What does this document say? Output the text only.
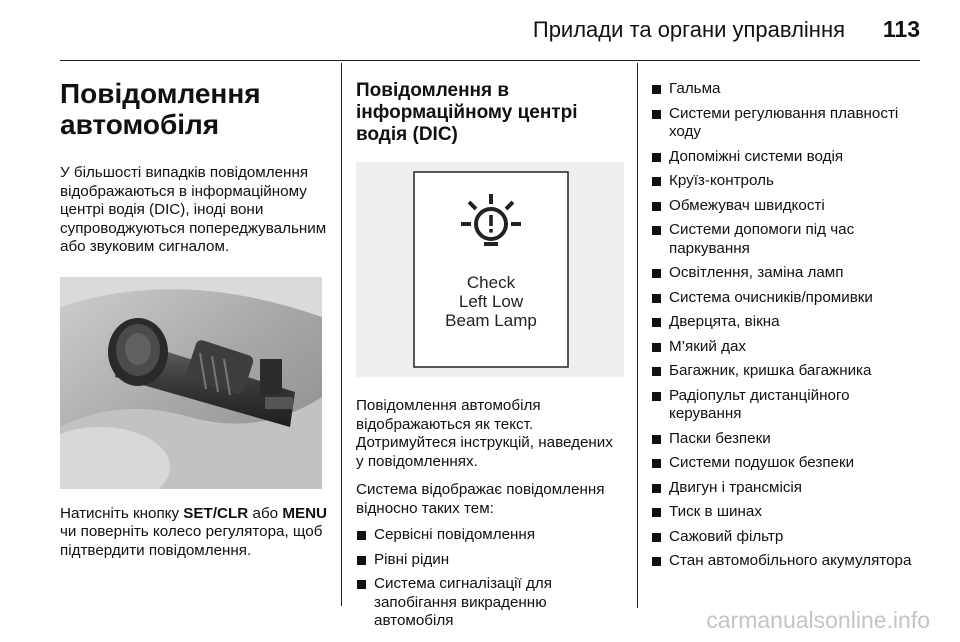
Прилади та органи управління 113
Повідомлення
автомобіля

У більшості випадків повідомлення відображаються в інформаційному центрі водія (DIC), іноді вони супроводжуються попереджувальним або звуковим сигналом.

Натисніть кнопку SET/CLR або MENU чи поверніть колесо регулятора, щоб підтвердити повідомлення.

Повідомлення в інформаційному центрі водія (DIC)
Check
Left Low
Beam Lamp

Повідомлення автомобіля відображаються як текст. Дотримуйтеся інструкцій, наведених у повідомленнях.

Система відображає повідомлення відносно таких тем:

Сервісні повідомлення
Рівні рідин
Система сигналізації для запобігання викраденню автомобіля
Гальма
Системи регулювання плавності ходу
Допоміжні системи водія
Круїз-контроль
Обмежувач швидкості
Системи допомоги під час паркування
Освітлення, заміна ламп
Система очисників/промивки
Дверцята, вікна
М’який дах
Багажник, кришка багажника
Радіопульт дистанційного керування
Паски безпеки
Системи подушок безпеки
Двигун і трансмісія
Тиск в шинах
Сажовий фільтр
Стан автомобільного акумулятора
carmanualsonline.info
